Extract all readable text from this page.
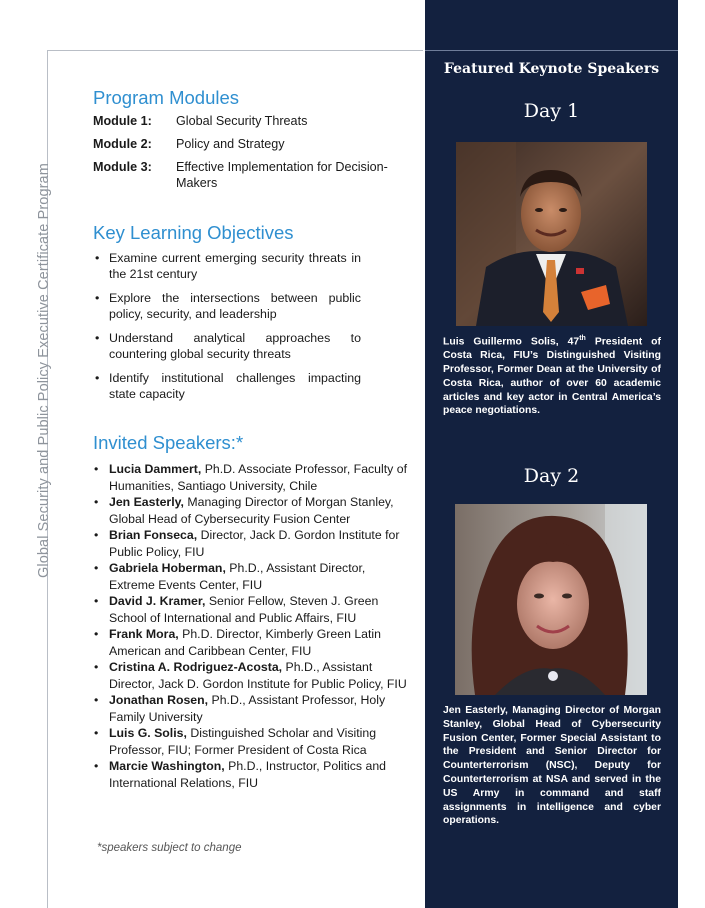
Global Security and Public Policy Executive Certificate Program
Program Modules
Module 1:	Global Security Threats
Module 2:	Policy and Strategy
Module 3:	Effective Implementation for Decision-Makers
Key Learning Objectives
• Examine current emerging security threats in the 21st century
• Explore the intersections between public policy, security, and leadership
• Understand analytical approaches to countering global security threats
• Identify institutional challenges impacting state capacity
Invited Speakers:*
• Lucia Dammert, Ph.D. Associate Professor, Faculty of Humanities, Santiago University, Chile
• Jen Easterly, Managing Director of Morgan Stanley, Global Head of Cybersecurity Fusion Center
• Brian Fonseca, Director, Jack D. Gordon Institute for Public Policy, FIU
• Gabriela Hoberman, Ph.D., Assistant Director, Extreme Events Center, FIU
• David J. Kramer, Senior Fellow, Steven J. Green School of International and Public Affairs, FIU
• Frank Mora, Ph.D. Director, Kimberly Green Latin American and Caribbean Center, FIU
• Cristina A. Rodriguez-Acosta, Ph.D., Assistant Director, Jack D. Gordon Institute for Public Policy, FIU
• Jonathan Rosen, Ph.D., Assistant Professor, Holy Family University
• Luis G. Solis, Distinguished Scholar and Visiting Professor, FIU; Former President of Costa Rica
• Marcie Washington, Ph.D., Instructor, Politics and International Relations, FIU
*speakers subject to change
Featured Keynote Speakers
Day 1
Luis Guillermo Solis, 47th President of Costa Rica, FIU’s Distinguished Visiting Professor, Former Dean at the University of Costa Rica, author of over 60 academic articles and key actor in Central America’s peace negotiations.
Day 2
Jen Easterly, Managing Director of Morgan Stanley, Global Head of Cybersecurity Fusion Center, Former Special Assistant to the President and Senior Director for Counterterrorism (NSC), Deputy for Counterterrorism at NSA and served in the US Army in command and staff assignments in intelligence and cyber operations.
